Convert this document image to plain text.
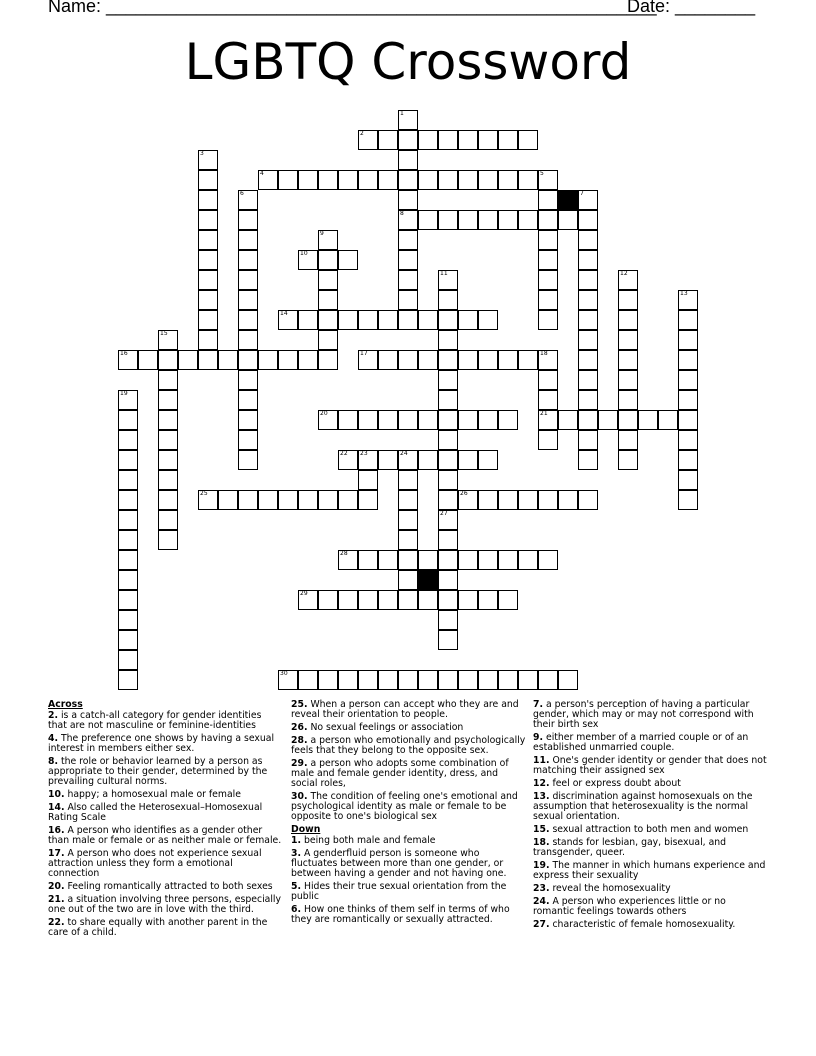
Name: _______________________________________________________
Date: ________
LGBTQ Crossword
1
2
3
4	5
6	7
8
9
10
11	12
13
14
15
16	17	18
19
20	21
22 23	24
25	26
27
28
29
30
Across
2. is a catch-all category for gender identities that are not masculine or feminine-identities
4. The preference one shows by having a sexual interest in members either sex.
8. the role or behavior learned by a person as appropriate to their gender, determined by the prevailing cultural norms.
10. happy; a homosexual male or female
14. Also called the Heterosexual–Homosexual Rating Scale
16. A person who identifies as a gender other than male or female or as neither male or female.
17. A person who does not experience sexual attraction unless they form a emotional connection
20. Feeling romantically attracted to both sexes
21. a situation involving three persons, especially one out of the two are in love with the third.
22. to share equally with another parent in the care of a child.
25. When a person can accept who they are and reveal their orientation to people.
26. No sexual feelings or association
28. a person who emotionally and psychologically feels that they belong to the opposite sex.
29. a person who adopts some combination of male and female gender identity, dress, and social roles,
30. The condition of feeling one's emotional and psychological identity as male or female to be opposite to one's biological sex
Down
1. being both male and female
3. A genderfluid person is someone who fluctuates between more than one gender, or between having a gender and not having one.
5. Hides their true sexual orientation from the public
6. How one thinks of them self in terms of who they are romantically or sexually attracted.
7. a person's perception of having a particular gender, which may or may not correspond with their birth sex
9. either member of a married couple or of an established unmarried couple.
11. One's gender identity or gender that does not matching their assigned sex
12. feel or express doubt about
13. discrimination against homosexuals on the assumption that heterosexuality is the normal sexual orientation.
15. sexual attraction to both men and women
18. stands for lesbian, gay, bisexual, and transgender, queer.
19. The manner in which humans experience and express their sexuality
23. reveal the homosexuality
24. A person who experiences little or no romantic feelings towards others
27. characteristic of female homosexuality.
